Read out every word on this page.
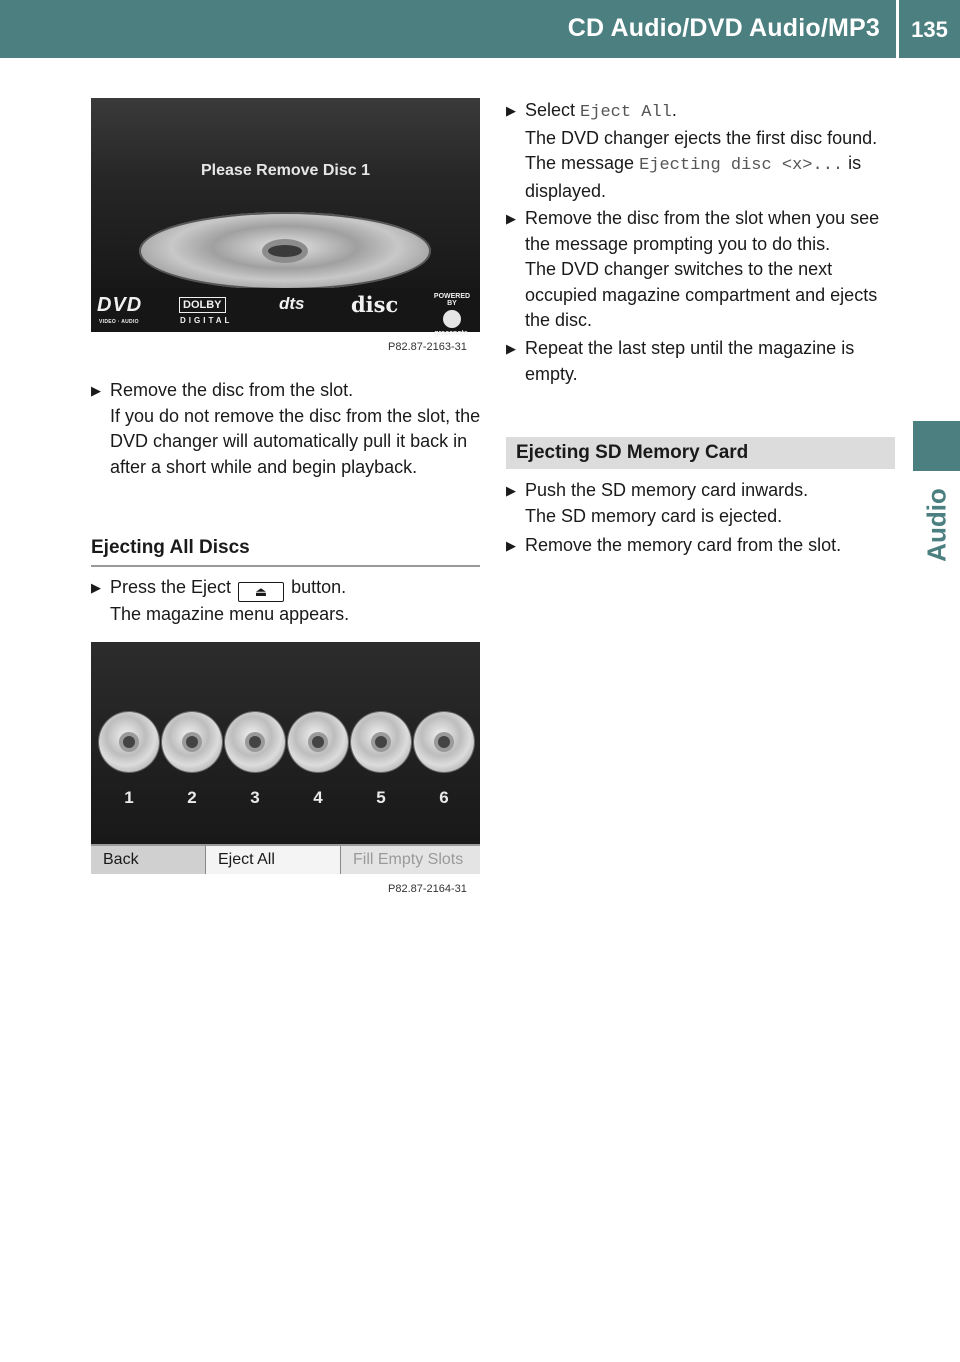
CD Audio/DVD Audio/MP3	135
Audio
Please Remove Disc 1
DVD
VIDEO · AUDIO
DOLBY
DIGITAL
dts disc	POWERED BY
gracenote.
P82.87-2163-31
▶ Remove the disc from the slot.
If you do not remove the disc from the slot, the DVD changer will automatically pull it back in after a short while and begin playback.
Ejecting All Discs
▶ Press the Eject ⏏ button.
The magazine menu appears.
1	2	3	4	5	6
Back	Eject All	Fill Empty Slots
P82.87-2164-31
▶ Select Eject All.
The DVD changer ejects the first disc found. The message Ejecting disc <x>... is displayed.
▶ Remove the disc from the slot when you see the message prompting you to do this.
The DVD changer switches to the next occupied magazine compartment and ejects the disc.
▶ Repeat the last step until the magazine is empty.
Ejecting SD Memory Card
▶ Push the SD memory card inwards.
The SD memory card is ejected.
▶ Remove the memory card from the slot.
